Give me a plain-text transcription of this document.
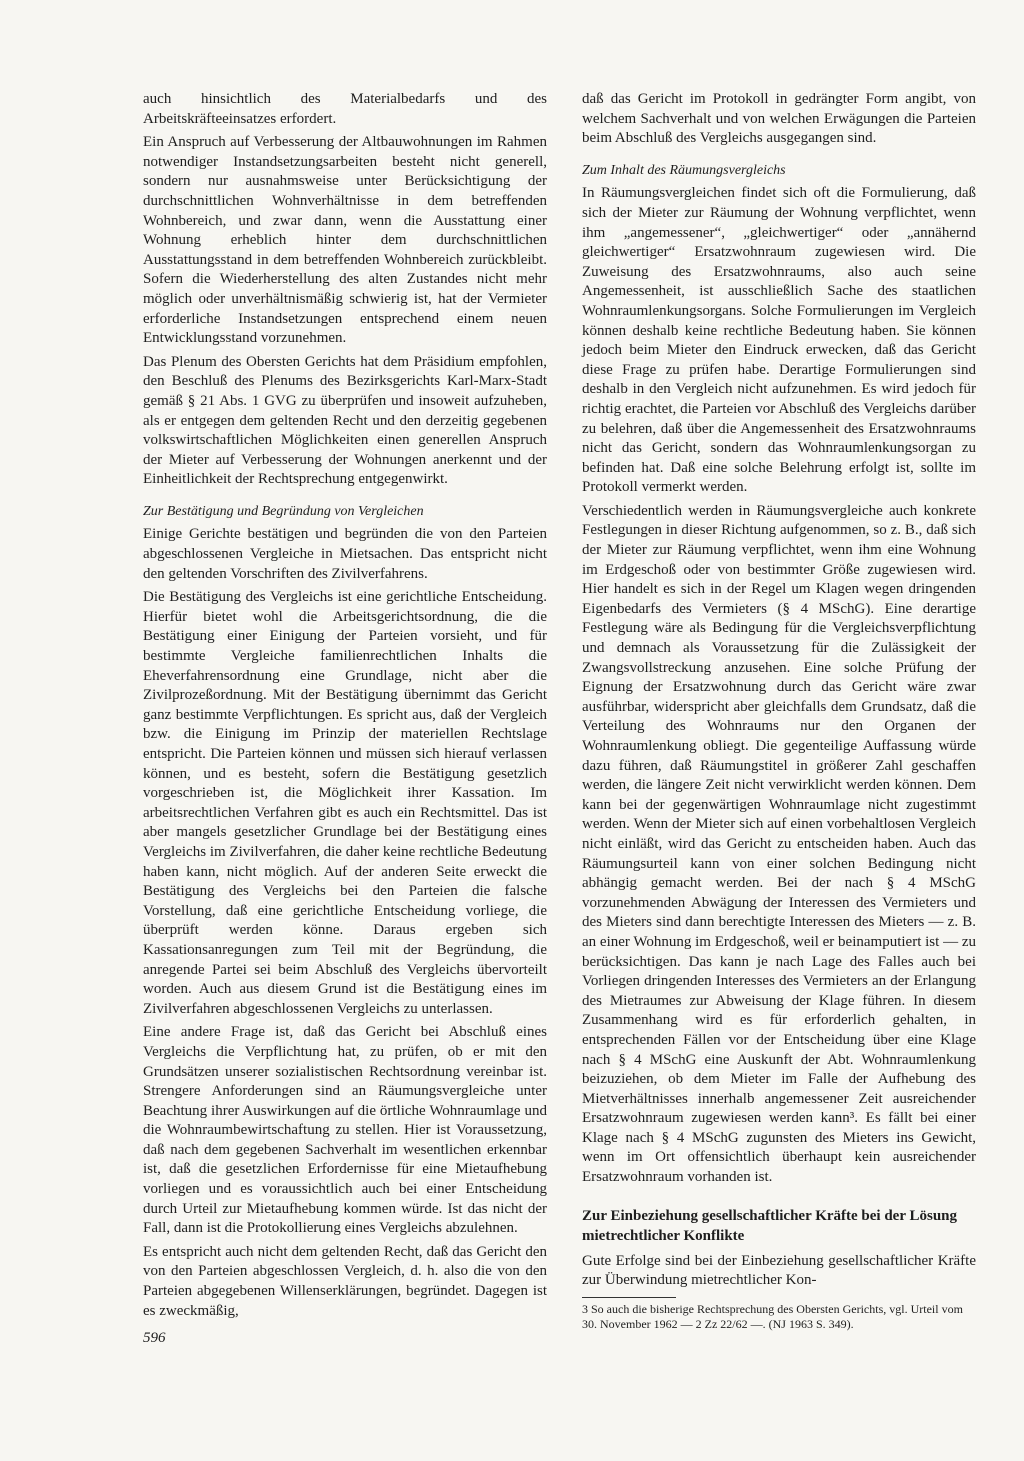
auch hinsichtlich des Materialbedarfs und des Arbeitskräfteeinsatzes erfordert.

Ein Anspruch auf Verbesserung der Altbauwohnungen im Rahmen notwendiger Instandsetzungsarbeiten besteht nicht generell, sondern nur ausnahmsweise unter Berücksichtigung der durchschnittlichen Wohnverhältnisse in dem betreffenden Wohnbereich, und zwar dann, wenn die Ausstattung einer Wohnung erheblich hinter dem durchschnittlichen Ausstattungsstand in dem betreffenden Wohnbereich zurückbleibt. Sofern die Wiederherstellung des alten Zustandes nicht mehr möglich oder unverhältnismäßig schwierig ist, hat der Vermieter erforderliche Instandsetzungen entsprechend einem neuen Entwicklungsstand vorzunehmen.

Das Plenum des Obersten Gerichts hat dem Präsidium empfohlen, den Beschluß des Plenums des Bezirksgerichts Karl-Marx-Stadt gemäß § 21 Abs. 1 GVG zu überprüfen und insoweit aufzuheben, als er entgegen dem geltenden Recht und den derzeitig gegebenen volkswirtschaftlichen Möglichkeiten einen generellen Anspruch der Mieter auf Verbesserung der Wohnungen anerkennt und der Einheitlichkeit der Rechtsprechung entgegenwirkt.

Zur Bestätigung und Begründung von Vergleichen

Einige Gerichte bestätigen und begründen die von den Parteien abgeschlossenen Vergleiche in Mietsachen. Das entspricht nicht den geltenden Vorschriften des Zivilverfahrens.

Die Bestätigung des Vergleichs ist eine gerichtliche Entscheidung. Hierfür bietet wohl die Arbeitsgerichtsordnung, die die Bestätigung einer Einigung der Parteien vorsieht, und für bestimmte Vergleiche familienrechtlichen Inhalts die Eheverfahrensordnung eine Grundlage, nicht aber die Zivilprozeßordnung. Mit der Bestätigung übernimmt das Gericht ganz bestimmte Verpflichtungen. Es spricht aus, daß der Vergleich bzw. die Einigung im Prinzip der materiellen Rechtslage entspricht. Die Parteien können und müssen sich hierauf verlassen können, und es besteht, sofern die Bestätigung gesetzlich vorgeschrieben ist, die Möglichkeit ihrer Kassation. Im arbeitsrechtlichen Verfahren gibt es auch ein Rechtsmittel. Das ist aber mangels gesetzlicher Grundlage bei der Bestätigung eines Vergleichs im Zivilverfahren, die daher keine rechtliche Bedeutung haben kann, nicht möglich. Auf der anderen Seite erweckt die Bestätigung des Vergleichs bei den Parteien die falsche Vorstellung, daß eine gerichtliche Entscheidung vorliege, die überprüft werden könne. Daraus ergeben sich Kassationsanregungen zum Teil mit der Begründung, die anregende Partei sei beim Abschluß des Vergleichs übervorteilt worden. Auch aus diesem Grund ist die Bestätigung eines im Zivilverfahren abgeschlossenen Vergleichs zu unterlassen.

Eine andere Frage ist, daß das Gericht bei Abschluß eines Vergleichs die Verpflichtung hat, zu prüfen, ob er mit den Grundsätzen unserer sozialistischen Rechtsordnung vereinbar ist. Strengere Anforderungen sind an Räumungsvergleiche unter Beachtung ihrer Auswirkungen auf die örtliche Wohnraumlage und die Wohnraumbewirtschaftung zu stellen. Hier ist Voraussetzung, daß nach dem gegebenen Sachverhalt im wesentlichen erkennbar ist, daß die gesetzlichen Erfordernisse für eine Mietaufhebung vorliegen und es voraussichtlich auch bei einer Entscheidung durch Urteil zur Mietaufhebung kommen würde. Ist das nicht der Fall, dann ist die Protokollierung eines Vergleichs abzulehnen.

Es entspricht auch nicht dem geltenden Recht, daß das Gericht den von den Parteien abgeschlossen Vergleich, d. h. also die von den Parteien abgegebenen Willenserklärungen, begründet. Dagegen ist es zweckmäßig,

daß das Gericht im Protokoll in gedrängter Form angibt, von welchem Sachverhalt und von welchen Erwägungen die Parteien beim Abschluß des Vergleichs ausgegangen sind.

Zum Inhalt des Räumungsvergleichs

In Räumungsvergleichen findet sich oft die Formulierung, daß sich der Mieter zur Räumung der Wohnung verpflichtet, wenn ihm „angemessener“, „gleichwertiger“ oder „annähernd gleichwertiger“ Ersatzwohnraum zugewiesen wird. Die Zuweisung des Ersatzwohnraums, also auch seine Angemessenheit, ist ausschließlich Sache des staatlichen Wohnraumlenkungsorgans. Solche Formulierungen im Vergleich können deshalb keine rechtliche Bedeutung haben. Sie können jedoch beim Mieter den Eindruck erwecken, daß das Gericht diese Frage zu prüfen habe. Derartige Formulierungen sind deshalb in den Vergleich nicht aufzunehmen. Es wird jedoch für richtig erachtet, die Parteien vor Abschluß des Vergleichs darüber zu belehren, daß über die Angemessenheit des Ersatzwohnraums nicht das Gericht, sondern das Wohnraumlenkungsorgan zu befinden hat. Daß eine solche Belehrung erfolgt ist, sollte im Protokoll vermerkt werden.

Verschiedentlich werden in Räumungsvergleiche auch konkrete Festlegungen in dieser Richtung aufgenommen, so z. B., daß sich der Mieter zur Räumung verpflichtet, wenn ihm eine Wohnung im Erdgeschoß oder von bestimmter Größe zugewiesen wird. Hier handelt es sich in der Regel um Klagen wegen dringenden Eigenbedarfs des Vermieters (§ 4 MSchG). Eine derartige Festlegung wäre als Bedingung für die Vergleichsverpflichtung und demnach als Voraussetzung für die Zulässigkeit der Zwangsvollstreckung anzusehen. Eine solche Prüfung der Eignung der Ersatzwohnung durch das Gericht wäre zwar ausführbar, widerspricht aber gleichfalls dem Grundsatz, daß die Verteilung des Wohnraums nur den Organen der Wohnraumlenkung obliegt. Die gegenteilige Auffassung würde dazu führen, daß Räumungstitel in größerer Zahl geschaffen werden, die längere Zeit nicht verwirklicht werden können. Dem kann bei der gegenwärtigen Wohnraumlage nicht zugestimmt werden. Wenn der Mieter sich auf einen vorbehaltlosen Vergleich nicht einläßt, wird das Gericht zu entscheiden haben. Auch das Räumungsurteil kann von einer solchen Bedingung nicht abhängig gemacht werden. Bei der nach § 4 MSchG vorzunehmenden Abwägung der Interessen des Vermieters und des Mieters sind dann berechtigte Interessen des Mieters — z. B. an einer Wohnung im Erdgeschoß, weil er beinamputiert ist — zu berücksichtigen. Das kann je nach Lage des Falles auch bei Vorliegen dringenden Interesses des Vermieters an der Erlangung des Mietraumes zur Abweisung der Klage führen. In diesem Zusammenhang wird es für erforderlich gehalten, in entsprechenden Fällen vor der Entscheidung über eine Klage nach § 4 MSchG eine Auskunft der Abt. Wohnraumlenkung beizuziehen, ob dem Mieter im Falle der Aufhebung des Mietverhältnisses innerhalb angemessener Zeit ausreichender Ersatzwohnraum zugewiesen werden kann³. Es fällt bei einer Klage nach § 4 MSchG zugunsten des Mieters ins Gewicht, wenn im Ort offensichtlich überhaupt kein ausreichender Ersatzwohnraum vorhanden ist.

Zur Einbeziehung gesellschaftlicher Kräfte bei der Lösung mietrechtlicher Konflikte

Gute Erfolge sind bei der Einbeziehung gesellschaftlicher Kräfte zur Überwindung mietrechtlicher Kon-

3 So auch die bisherige Rechtsprechung des Obersten Gerichts, vgl. Urteil vom 30. November 1962 — 2 Zz 22/62 —. (NJ 1963 S. 349).
596
